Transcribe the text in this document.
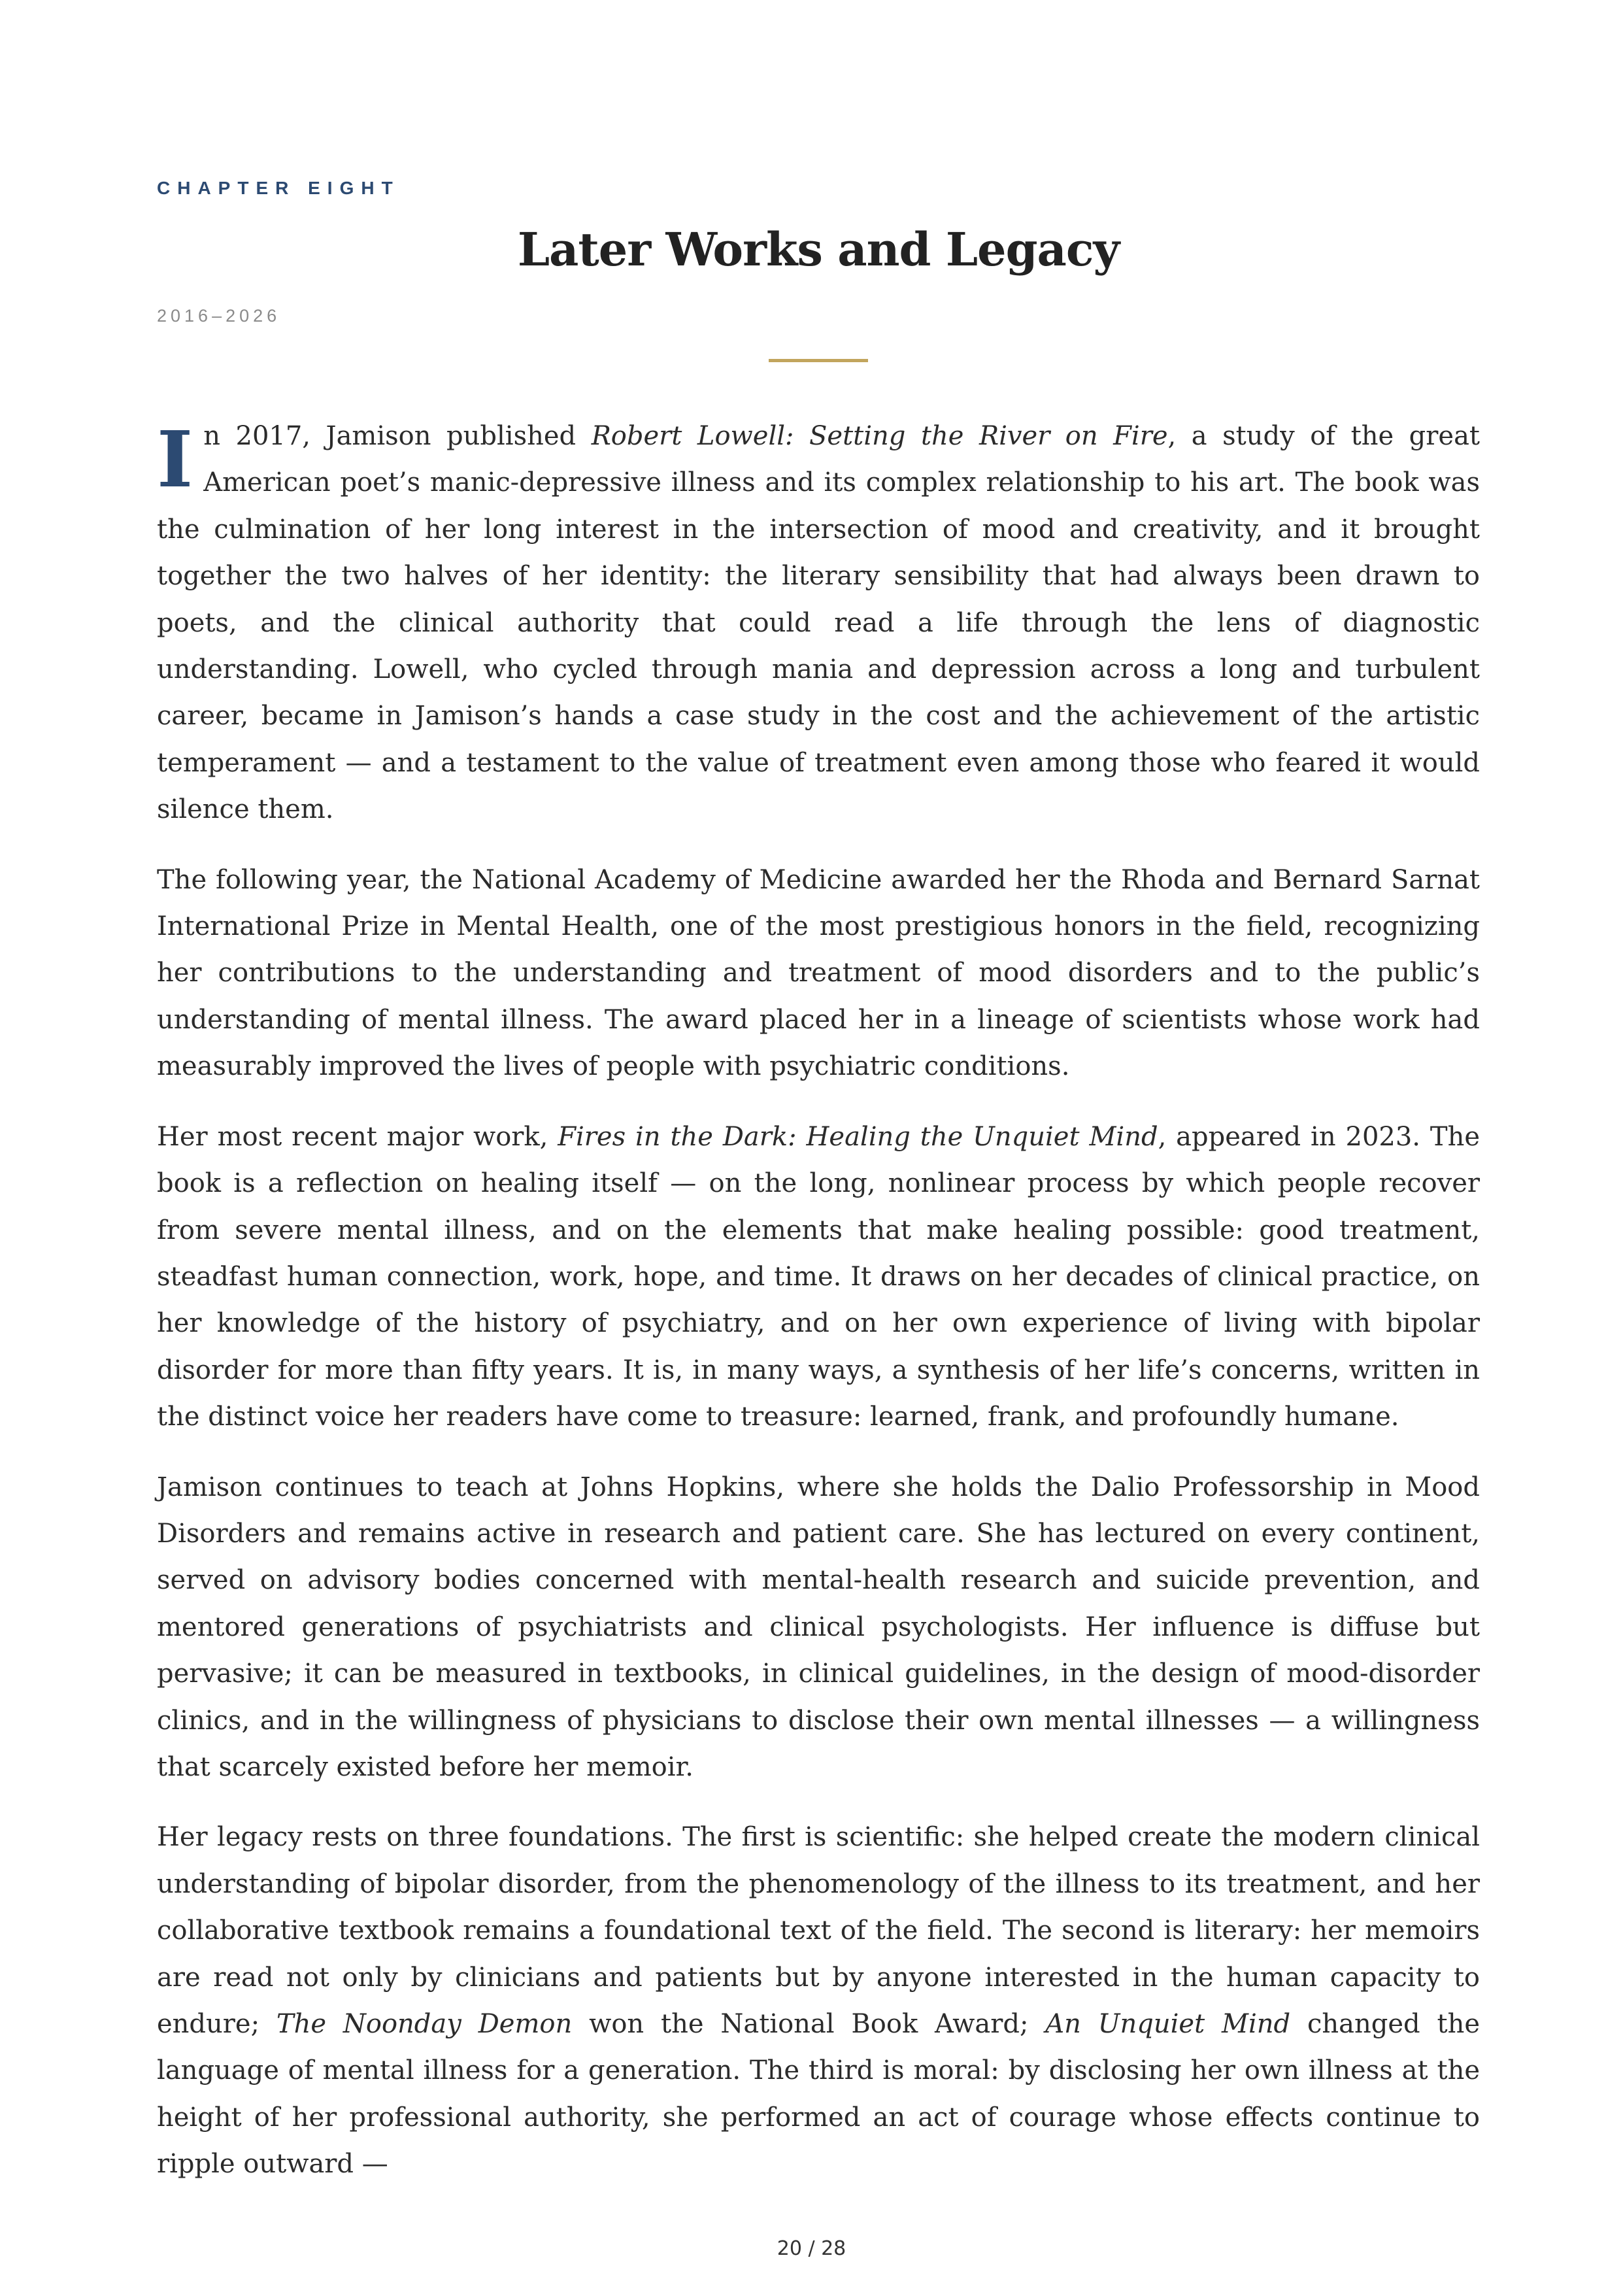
CHAPTER EIGHT
Later Works and Legacy
2016–2026

In 2017, Jamison published Robert Lowell: Setting the River on Fire, a study of the great American poet’s manic-depressive illness and its complex relationship to his art. The book was the culmination of her long interest in the intersection of mood and creativity, and it brought together the two halves of her identity: the literary sensibility that had always been drawn to poets, and the clinical authority that could read a life through the lens of diagnostic understanding. Lowell, who cycled through mania and depression across a long and turbulent career, became in Jamison’s hands a case study in the cost and the achievement of the artistic temperament — and a testament to the value of treatment even among those who feared it would silence them.

The following year, the National Academy of Medicine awarded her the Rhoda and Bernard Sarnat International Prize in Mental Health, one of the most prestigious honors in the field, recognizing her contributions to the understanding and treatment of mood disorders and to the public’s understanding of mental illness. The award placed her in a lineage of scientists whose work had measurably improved the lives of people with psychiatric conditions.

Her most recent major work, Fires in the Dark: Healing the Unquiet Mind, appeared in 2023. The book is a reflection on healing itself — on the long, nonlinear process by which people recover from severe mental illness, and on the elements that make healing possible: good treatment, steadfast human connection, work, hope, and time. It draws on her decades of clinical practice, on her knowledge of the history of psychiatry, and on her own experience of living with bipolar disorder for more than fifty years. It is, in many ways, a synthesis of her life’s concerns, written in the distinct voice her readers have come to treasure: learned, frank, and profoundly humane.

Jamison continues to teach at Johns Hopkins, where she holds the Dalio Professorship in Mood Disorders and remains active in research and patient care. She has lectured on every continent, served on advisory bodies concerned with mental-health research and suicide prevention, and mentored generations of psychiatrists and clinical psychologists. Her influence is diffuse but pervasive; it can be measured in textbooks, in clinical guidelines, in the design of mood-disorder clinics, and in the willingness of physicians to disclose their own mental illnesses — a willingness that scarcely existed before her memoir.

Her legacy rests on three foundations. The first is scientific: she helped create the modern clinical understanding of bipolar disorder, from the phenomenology of the illness to its treatment, and her collaborative textbook remains a foundational text of the field. The second is literary: her memoirs are read not only by clinicians and patients but by anyone interested in the human capacity to endure; The Noonday Demon won the National Book Award; An Unquiet Mind changed the language of mental illness for a generation. The third is moral: by disclosing her own illness at the height of her professional authority, she performed an act of courage whose effects continue to ripple outward —

20 / 28
